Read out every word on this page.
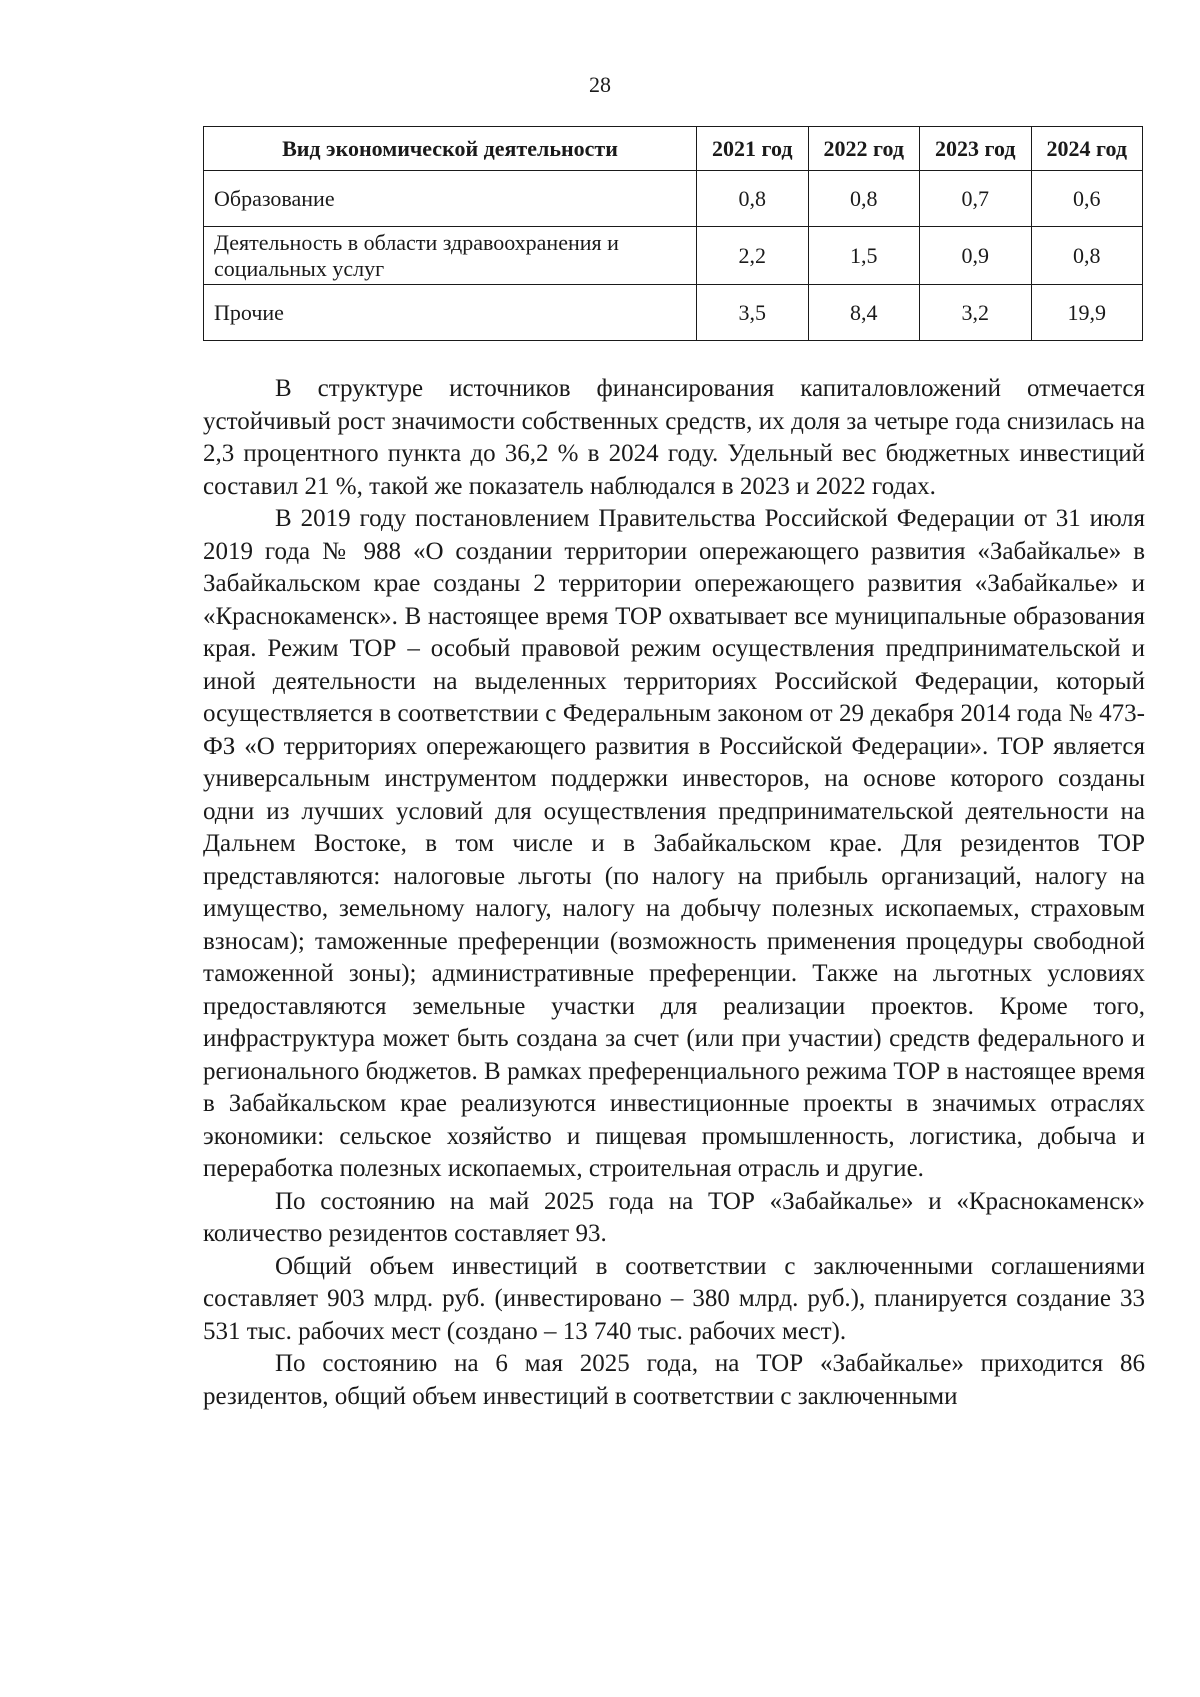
28
Вид экономической деятельности	2021 год	2022 год	2023 год	2024 год
Образование	0,8	0,8	0,7	0,6
Деятельность в области здравоохранения и социальных услуг	2,2	1,5	0,9	0,8
Прочие	3,5	8,4	3,2	19,9

В структуре источников финансирования капиталовложений отмечается устойчивый рост значимости собственных средств, их доля за четыре года снизилась на 2,3 процентного пункта до 36,2 % в 2024 году. Удельный вес бюджетных инвестиций составил 21 %, такой же показатель наблюдался в 2023 и 2022 годах.

В 2019 году постановлением Правительства Российской Федерации от 31 июля 2019 года № 988 «О создании территории опережающего развития «Забайкалье» в Забайкальском крае созданы 2 территории опережающего развития «Забайкалье» и «Краснокаменск». В настоящее время ТОР охватывает все муниципальные образования края. Режим ТОР – особый правовой режим осуществления предпринимательской и иной деятельности на выделенных территориях Российской Федерации, который осуществляется в соответствии с Федеральным законом от 29 декабря 2014 года № 473-ФЗ «О территориях опережающего развития в Российской Федерации». ТОР является универсальным инструментом поддержки инвесторов, на основе которого созданы одни из лучших условий для осуществления предпринимательской деятельности на Дальнем Востоке, в том числе и в Забайкальском крае. Для резидентов ТОР представляются: налоговые льготы (по налогу на прибыль организаций, налогу на имущество, земельному налогу, налогу на добычу полезных ископаемых, страховым взносам); таможенные преференции (возможность применения процедуры свободной таможенной зоны); административные преференции. Также на льготных условиях предоставляются земельные участки для реализации проектов. Кроме того, инфраструктура может быть создана за счет (или при участии) средств федерального и регионального бюджетов. В рамках преференциального режима ТОР в настоящее время в Забайкальском крае реализуются инвестиционные проекты в значимых отраслях экономики: сельское хозяйство и пищевая промышленность, логистика, добыча и переработка полезных ископаемых, строительная отрасль и другие.

По состоянию на май 2025 года на ТОР «Забайкалье» и «Краснокаменск» количество резидентов составляет 93.

Общий объем инвестиций в соответствии с заключенными соглашениями составляет 903 млрд. руб. (инвестировано – 380 млрд. руб.), планируется создание 33 531 тыс. рабочих мест (создано – 13 740 тыс. рабочих мест).

По состоянию на 6 мая 2025 года, на ТОР «Забайкалье» приходится 86 резидентов, общий объем инвестиций в соответствии с заключенными
